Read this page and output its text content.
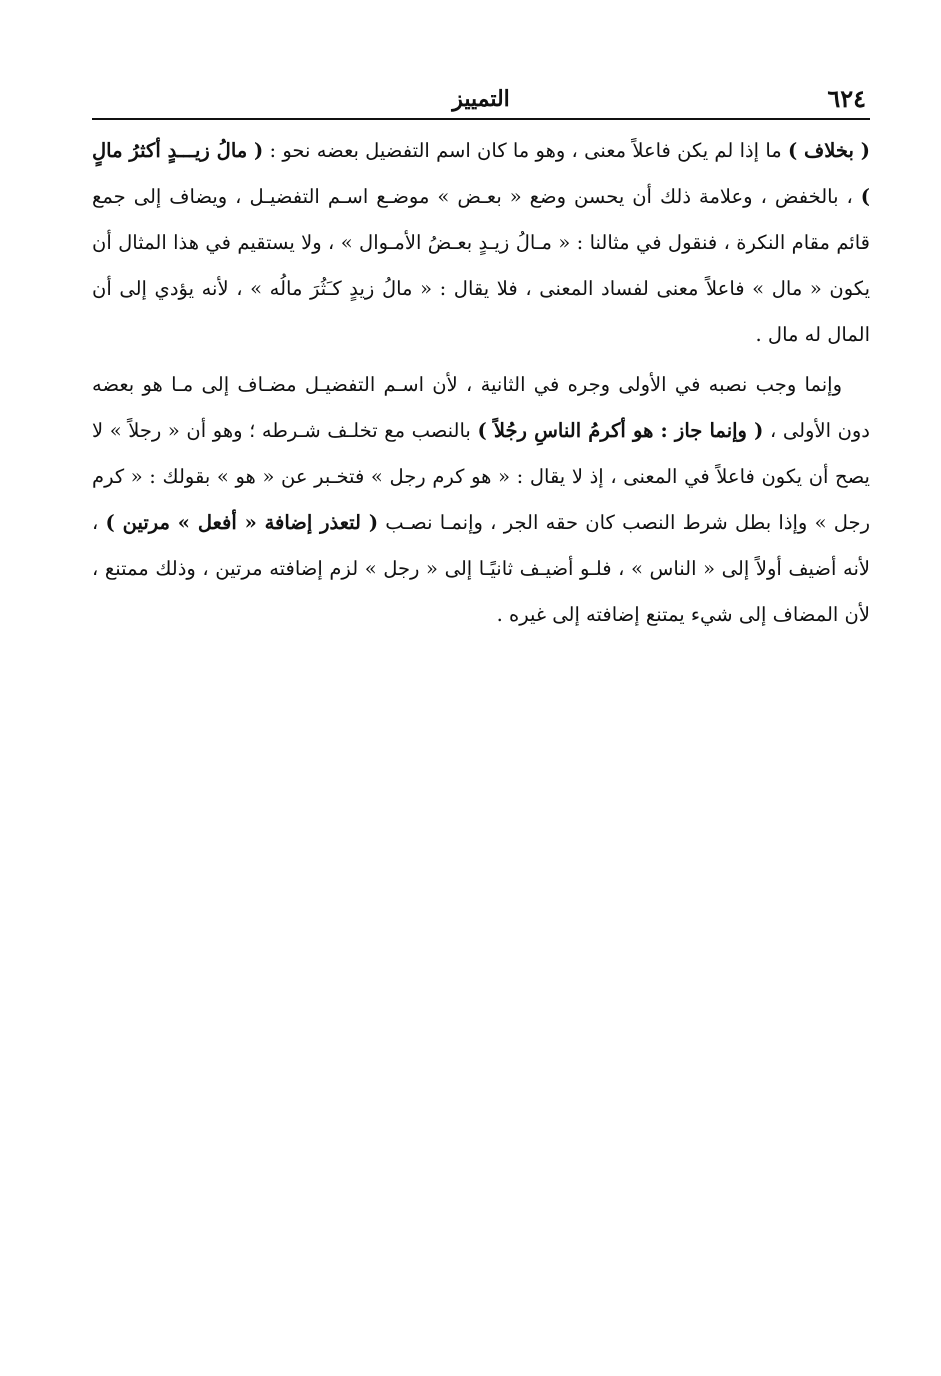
٦٢٤
التمييز

( بخلاف ) ما إذا لم يكن فاعلاً معنى ، وهو ما كان اسم التفضيل بعضه نحو : ( مالُ زيـــدٍ أكثرُ مالٍ ) ، بالخفض ، وعلامة ذلك أن يحسن وضع « بعـض » موضـع اسـم التفضيـل ، ويضاف إلى جمع قائم مقام النكرة ، فنقول في مثالنا : « مـالُ زيـدٍ بعـضُ الأمـوال » ، ولا يستقيم في هذا المثال أن يكون « مال » فاعلاً معنى لفساد المعنى ، فلا يقال : « مالُ زيدٍ كـَثُرَ مالُه » ، لأنه يؤدي إلى أن المال له مال .

وإنما وجب نصبه في الأولى وجره في الثانية ، لأن اسـم التفضيـل مضـاف إلى مـا هو بعضه دون الأولى ، ( وإنما جاز : هو أكرمُ الناسِ رجُلاً ) بالنصب مع تخلـف شـرطه ؛ وهو أن « رجلاً » لا يصح أن يكون فاعلاً في المعنى ، إذ لا يقال : « هو كرم رجل » فتخـبر عن « هو » بقولك : « كرم رجل » وإذا بطل شرط النصب كان حقه الجر ، وإنمـا نصـب ( لتعذر إضافة « أفعل » مرتين ) ، لأنه أضيف أولاً إلى « الناس » ، فلـو أضيـف ثانيًـا إلى « رجل » لزم إضافته مرتين ، وذلك ممتنع ، لأن المضاف إلى شيء يمتنع إضافته إلى غيره .
